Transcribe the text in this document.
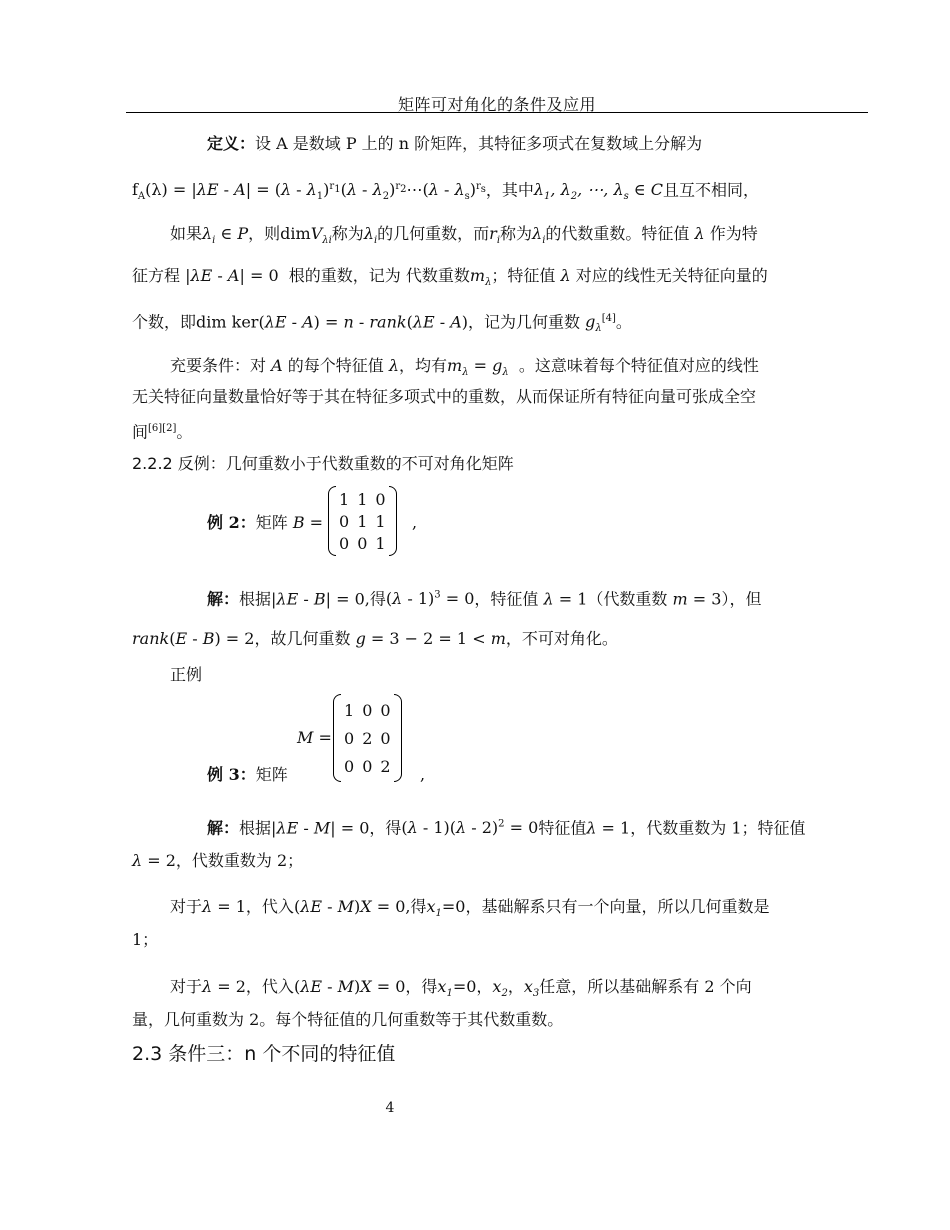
矩阵可对角化的条件及应用
定义：设 A 是数域 P 上的 n 阶矩阵，其特征多项式在复数域上分解为
$f_A(\lambda) = |\lambda E - A| = (\lambda - \lambda_1)^{r_1}(\lambda$ - $\lambda_2)^{r_2}\cdots(\lambda - \lambda_s)^{r_s}$，其中$\lambda_1$, $\lambda_2$, ⋯, $\lambda_s$ ∈ C且互不相同，
如果$\lambda_i$ ∈ P，则dimV$_{\lambda i}$称为$\lambda_i$的几何重数，而$r_i$称为$\lambda_i$的代数重数。特征值 λ 作为特
征方程 |λE - A| = 0 根的重数，记为 代数重数$m_\lambda$；特征值 λ 对应的线性无关特征向量的
个数，即dim ker(λE - A) = n - rank(λE - A)，记为几何重数 $g_\lambda[4]$。
充要条件：对 A 的每个特征值 λ，均有$m_\lambda = g_\lambda$ 。这意味着每个特征值对应的线性
无关特征向量数量恰好等于其在特征多项式中的重数，从而保证所有特征向量可张成全空
间[6][2]。
2.2.2 反例：几何重数小于代数重数的不可对角化矩阵
例 2：矩阵 B =
1	1	0
0	1	1
0	0	1
,
解：根据|λE - B| = 0,得(λ - 1)$^3$ = 0，特征值 λ = 1（代数重数 m = 3），但
rank(E - B) = 2，故几何重数 g = 3 − 2 = 1 < m，不可对角化。
正例
M =
1	0	0
0	2	0
0	0	2
例 3：矩阵	,
解：根据|λE - M| = 0，得(λ - 1)(λ - 2)$^2$ = 0特征值λ = 1，代数重数为 1；特征值
λ = 2，代数重数为 2；
对于λ = 1，代入(λE - M)X = 0,得$x_1=0$，基础解系只有一个向量，所以几何重数是
1；
对于λ = 2，代入(λE - M)X = 0，得$x_1=0$，$x_2$，$x_3$任意，所以基础解系有 2 个向
量，几何重数为 2。每个特征值的几何重数等于其代数重数。
2.3 条件三：n 个不同的特征值
4
